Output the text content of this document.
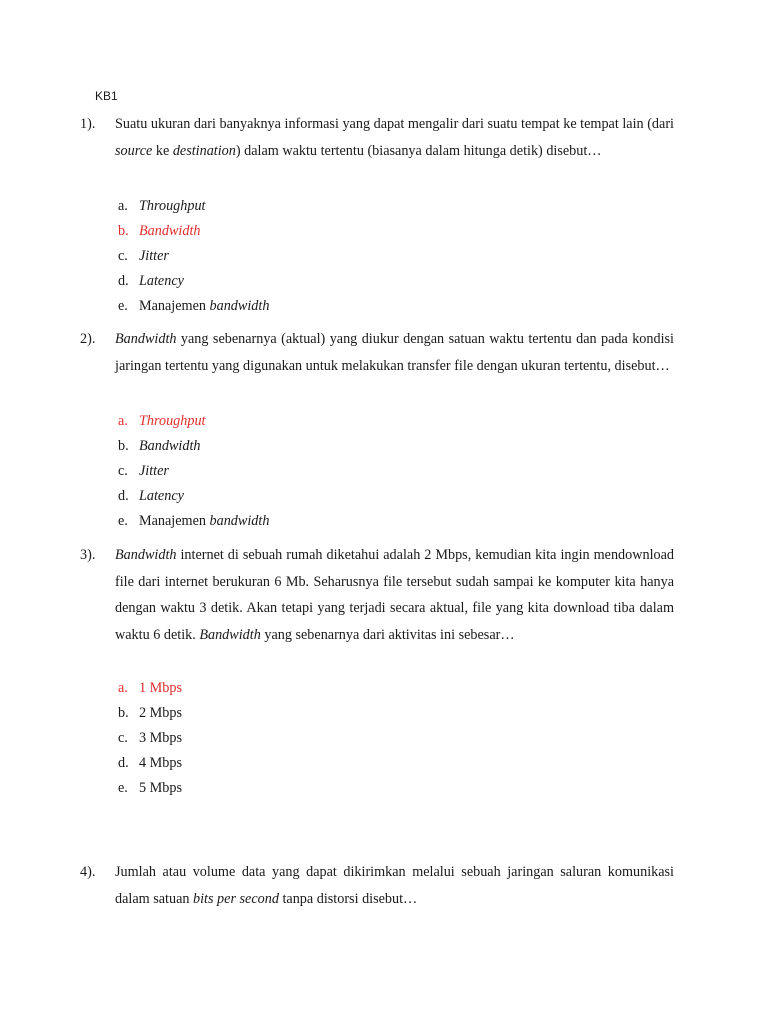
KB1
1). Suatu ukuran dari banyaknya informasi yang dapat mengalir dari suatu tempat ke tempat lain (dari source ke destination) dalam waktu tertentu (biasanya dalam hitunga detik) disebut…
a. Throughput
b. Bandwidth
c. Jitter
d. Latency
e. Manajemen bandwidth
2). Bandwidth yang sebenarnya (aktual) yang diukur dengan satuan waktu tertentu dan pada kondisi jaringan tertentu yang digunakan untuk melakukan transfer file dengan ukuran tertentu, disebut…
a. Throughput
b. Bandwidth
c. Jitter
d. Latency
e. Manajemen bandwidth
3). Bandwidth internet di sebuah rumah diketahui adalah 2 Mbps, kemudian kita ingin mendownload file dari internet berukuran 6 Mb. Seharusnya file tersebut sudah sampai ke komputer kita hanya dengan waktu 3 detik. Akan tetapi yang terjadi secara aktual, file yang kita download tiba dalam waktu 6 detik. Bandwidth yang sebenarnya dari aktivitas ini sebesar…
a. 1 Mbps
b. 2 Mbps
c. 3 Mbps
d. 4 Mbps
e. 5 Mbps
4). Jumlah atau volume data yang dapat dikirimkan melalui sebuah jaringan saluran komunikasi dalam satuan bits per second tanpa distorsi disebut…
